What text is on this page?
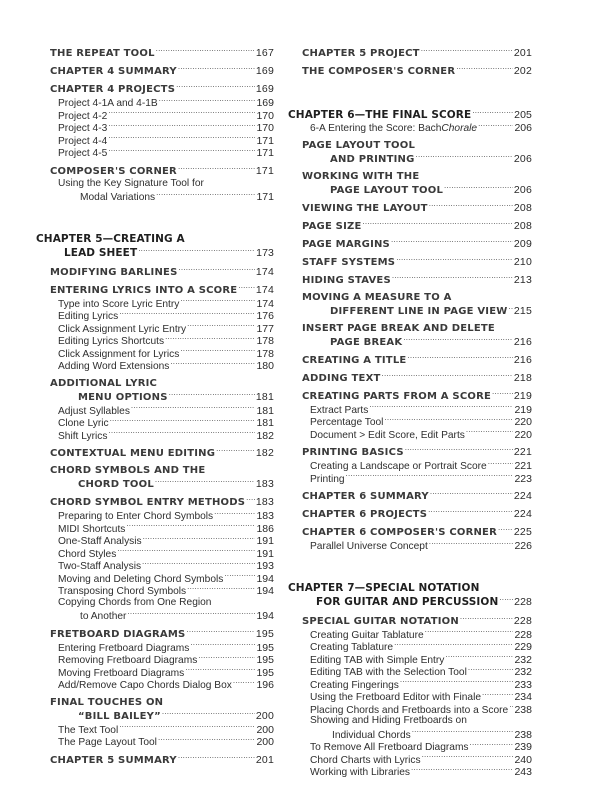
THE REPEAT TOOL .....	167
CHAPTER 4 SUMMARY .....	169
CHAPTER 4 PROJECTS .....	169
Project 4-1A and 4-1B .....	169
Project 4-2 .....	170
Project 4-3 .....	170
Project 4-4 .....	171
Project 4-5 .....	171
COMPOSER'S CORNER .....	171
Using the Key Signature Tool for
Modal Variations .....	171
CHAPTER 5—CREATING A
LEAD SHEET .....	173
MODIFYING BARLINES .....	174
ENTERING LYRICS INTO A SCORE ..... 174
Type into Score Lyric Entry .....	174
Editing Lyrics .....	176
Click Assignment Lyric Entry .....	177
Editing Lyrics Shortcuts .....	178
Click Assignment for Lyrics .....	178
Adding Word Extensions .....	180
ADDITIONAL LYRIC
MENU OPTIONS .....	181
Adjust Syllables .....	181
Clone Lyric .....	181
Shift Lyrics .....	182
CONTEXTUAL MENU EDITING .....	182
CHORD SYMBOLS AND THE
CHORD TOOL .....	183
CHORD SYMBOL ENTRY METHODS ..... 183
Preparing to Enter Chord Symbols .....	183
MIDI Shortcuts .....	186
One-Staff Analysis .....	191
Chord Styles .....	191
Two-Staff Analysis .....	193
Moving and Deleting Chord Symbols .....	194
Transposing Chord Symbols .....	194
Copying Chords from One Region
to Another .....	194
FRETBOARD DIAGRAMS .....	195
Entering Fretboard Diagrams .....	195
Removing Fretboard Diagrams .....	195
Moving Fretboard Diagrams .....	195
Add/Remove Capo Chords Dialog Box ..... 196
FINAL TOUCHES ON
“BILL BAILEY” .....	200
The Text Tool .....	200
The Page Layout Tool .....	200
CHAPTER 5 SUMMARY .....	201
CHAPTER 5 PROJECT .....	201
THE COMPOSER'S CORNER .....	202
CHAPTER 6—THE FINAL SCORE .....	205
6-A Entering the Score: Bach Chorale .....	206
PAGE LAYOUT TOOL
AND PRINTING .....	206
WORKING WITH THE
PAGE LAYOUT TOOL .....	206
VIEWING THE LAYOUT .....	208
PAGE SIZE .....	208
PAGE MARGINS .....	209
STAFF SYSTEMS .....	210
HIDING STAVES .....	213
MOVING A MEASURE TO A
DIFFERENT LINE IN PAGE VIEW ..... 215
INSERT PAGE BREAK AND DELETE
PAGE BREAK .....	216
CREATING A TITLE .....	216
ADDING TEXT .....	218
CREATING PARTS FROM A SCORE ..... 219
Extract Parts .....	219
Percentage Tool .....	220
Document > Edit Score, Edit Parts .....	220
PRINTING BASICS .....	221
Creating a Landscape or Portrait Score .....	221
Printing .....	223
CHAPTER 6 SUMMARY .....	224
CHAPTER 6 PROJECTS .....	224
CHAPTER 6 COMPOSER'S CORNER ..... 225
Parallel Universe Concept .....	226
CHAPTER 7—SPECIAL NOTATION
FOR GUITAR AND PERCUSSION ..... 228
SPECIAL GUITAR NOTATION .....	228
Creating Guitar Tablature .....	228
Creating Tablature .....	229
Editing TAB with Simple Entry .....	232
Editing TAB with the Selection Tool .....	232
Creating Fingerings .....	233
Using the Fretboard Editor with Finale .....	234
Placing Chords and Fretboards into a Score ..... 238
Showing and Hiding Fretboards on
Individual Chords .....	238
To Remove All Fretboard Diagrams .....	239
Chord Charts with Lyrics .....	240
Working with Libraries .....	243
